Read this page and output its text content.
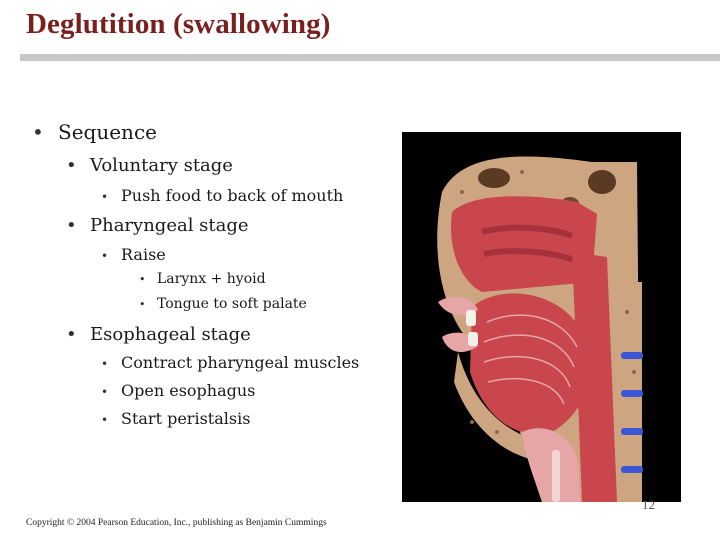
Deglutition (swallowing)
• Sequence
• Voluntary stage
• Push food to back of mouth
• Pharyngeal stage
• Raise
• Larynx + hyoid
• Tongue to soft palate
• Esophageal stage
• Contract pharyngeal muscles
• Open esophagus
• Start peristalsis
12
Copyright © 2004 Pearson Education, Inc., publishing as Benjamin Cummings
